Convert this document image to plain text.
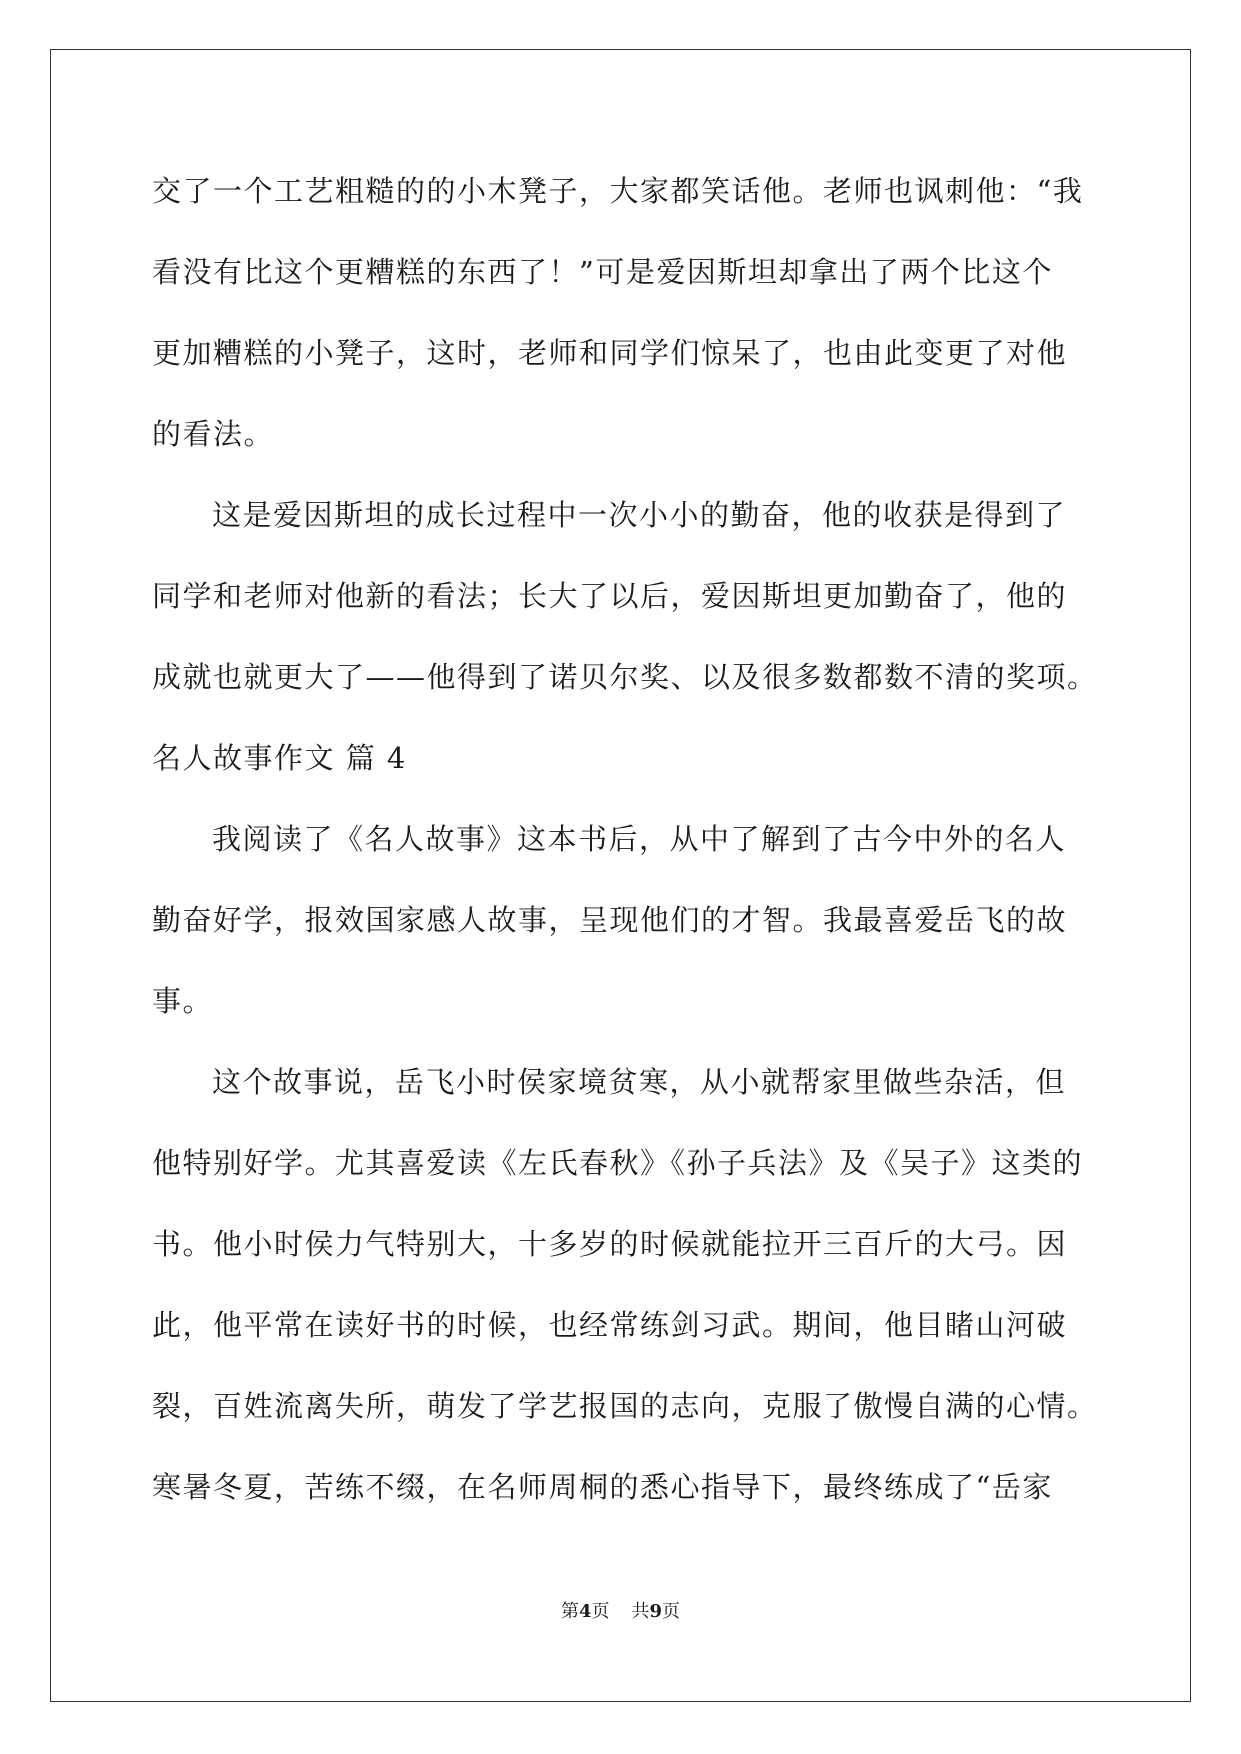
交了一个工艺粗糙的的小木凳子，大家都笑话他。老师也讽刺他：“我
看没有比这个更糟糕的东西了！”可是爱因斯坦却拿出了两个比这个
更加糟糕的小凳子，这时，老师和同学们惊呆了，也由此变更了对他
的看法。
这是爱因斯坦的成长过程中一次小小的勤奋，他的收获是得到了
同学和老师对他新的看法；长大了以后，爱因斯坦更加勤奋了，他的
成就也就更大了——他得到了诺贝尔奖、以及很多数都数不清的奖项。
名人故事作文 篇 4
我阅读了《名人故事》这本书后，从中了解到了古今中外的名人
勤奋好学，报效国家感人故事，呈现他们的才智。我最喜爱岳飞的故
事。
这个故事说，岳飞小时侯家境贫寒，从小就帮家里做些杂活，但
他特别好学。尤其喜爱读《左氏春秋》《孙子兵法》及《吴子》这类的
书。他小时侯力气特别大，十多岁的时候就能拉开三百斤的大弓。因
此，他平常在读好书的时候，也经常练剑习武。期间，他目睹山河破
裂，百姓流离失所，萌发了学艺报国的志向，克服了傲慢自满的心情。
寒暑冬夏，苦练不缀，在名师周桐的悉心指导下，最终练成了“岳家
第4页 共9页
